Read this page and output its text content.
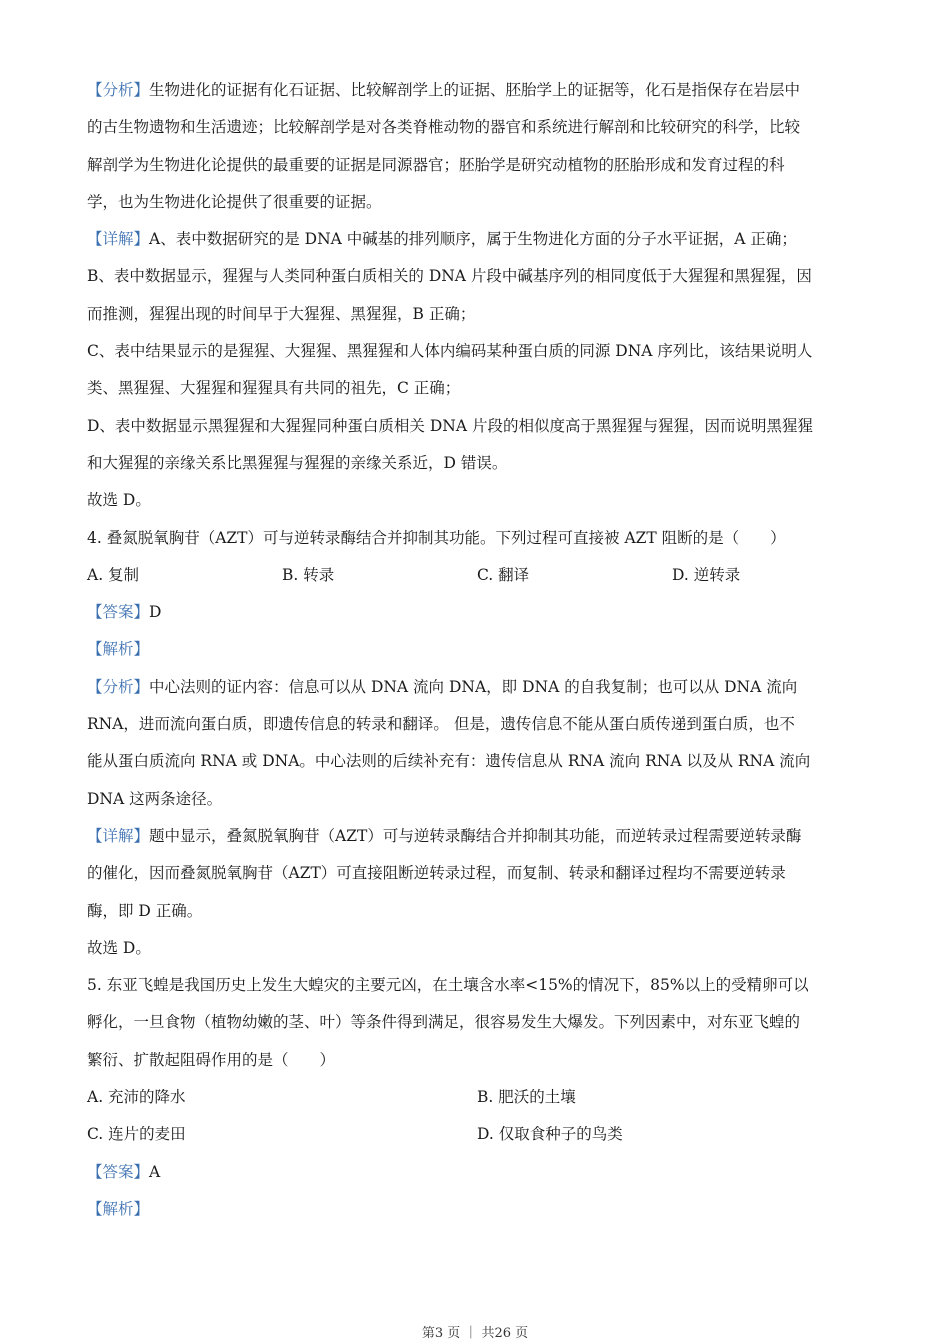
【分析】生物进化的证据有化石证据、比较解剖学上的证据、胚胎学上的证据等，化石是指保存在岩层中

的古生物遗物和生活遗迹；比较解剖学是对各类脊椎动物的器官和系统进行解剖和比较研究的科学，比较

解剖学为生物进化论提供的最重要的证据是同源器官；胚胎学是研究动植物的胚胎形成和发育过程的科

学，也为生物进化论提供了很重要的证据。

【详解】A、表中数据研究的是 DNA 中碱基的排列顺序，属于生物进化方面的分子水平证据，A 正确；

B、表中数据显示，猩猩与人类同种蛋白质相关的 DNA 片段中碱基序列的相同度低于大猩猩和黑猩猩，因

而推测，猩猩出现的时间早于大猩猩、黑猩猩，B 正确；

C、表中结果显示的是猩猩、大猩猩、黑猩猩和人体内编码某种蛋白质的同源 DNA 序列比，该结果说明人

类、黑猩猩、大猩猩和猩猩具有共同的祖先，C 正确；

D、表中数据显示黑猩猩和大猩猩同种蛋白质相关 DNA 片段的相似度高于黑猩猩与猩猩，因而说明黑猩猩

和大猩猩的亲缘关系比黑猩猩与猩猩的亲缘关系近，D 错误。

故选 D。

4. 叠氮脱氧胸苷（AZT）可与逆转录酶结合并抑制其功能。下列过程可直接被 AZT 阻断的是（　　）

A. 复制	B. 转录	C. 翻译	D. 逆转录

【答案】D

【解析】

【分析】中心法则的证内容：信息可以从 DNA 流向 DNA，即 DNA 的自我复制；也可以从 DNA 流向

RNA，进而流向蛋白质，即遗传信息的转录和翻译。 但是，遗传信息不能从蛋白质传递到蛋白质，也不

能从蛋白质流向 RNA 或 DNA。中心法则的后续补充有：遗传信息从 RNA 流向 RNA 以及从 RNA 流向

DNA 这两条途径。

【详解】题中显示，叠氮脱氧胸苷（AZT）可与逆转录酶结合并抑制其功能，而逆转录过程需要逆转录酶

的催化，因而叠氮脱氧胸苷（AZT）可直接阻断逆转录过程，而复制、转录和翻译过程均不需要逆转录

酶，即 D 正确。

故选 D。

5. 东亚飞蝗是我国历史上发生大蝗灾的主要元凶，在土壤含水率<15%的情况下，85%以上的受精卵可以

孵化，一旦食物（植物幼嫩的茎、叶）等条件得到满足，很容易发生大爆发。下列因素中，对东亚飞蝗的

繁衍、扩散起阻碍作用的是（　　）

A. 充沛的降水	B. 肥沃的土壤
C. 连片的麦田	D. 仅取食种子的鸟类

【答案】A

【解析】

第3 页 ｜ 共26 页
